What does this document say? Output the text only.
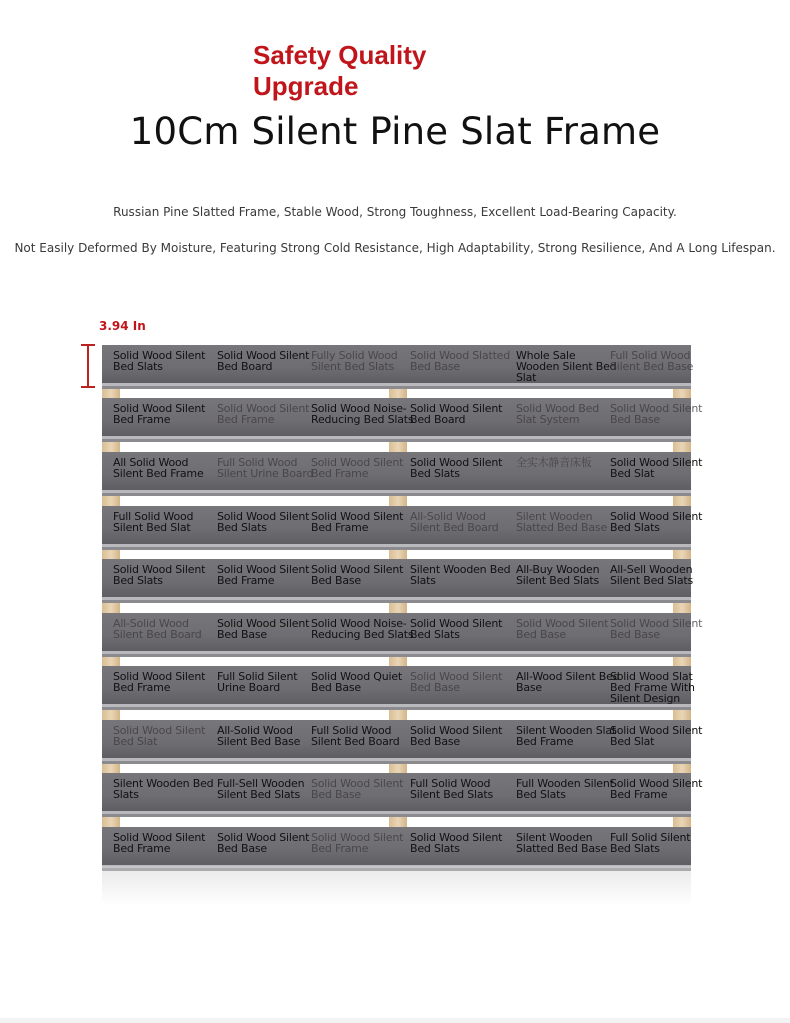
Safety Quality
Upgrade
10Cm Silent Pine Slat Frame
Russian Pine Slatted Frame, Stable Wood, Strong Toughness, Excellent Load-Bearing Capacity.
Not Easily Deformed By Moisture, Featuring Strong Cold Resistance, High Adaptability, Strong Resilience, And A Long Lifespan.
3.94 In
Solid Wood Silent Bed Slats
Solid Wood Silent Bed Board
Fully Solid Wood Silent Bed Slats
Solid Wood Slatted Bed Base
Whole Sale Wooden Silent Bed Slat
Full Solid Wood Silent Bed Base
Solid Wood Silent Bed Frame
Solid Wood Silent Bed Frame
Solid Wood Noise-Reducing Bed Slats
Solid Wood Silent Bed Board
Solid Wood Bed Slat System
Solid Wood Silent Bed Base
All Solid Wood Silent Bed Frame
Full Solid Wood Silent Urine Board
Solid Wood Silent Bed Frame
Solid Wood Silent Bed Slats
全实木静音床板	Solid Wood Silent Bed Slat
Full Solid Wood Silent Bed Slat
Solid Wood Silent Bed Slats
Solid Wood Silent Bed Frame
All-Solid Wood Silent Bed Board
Silent Wooden Slatted Bed Base
Solid Wood Silent Bed Slats
Solid Wood Silent Bed Slats
Solid Wood Silent Bed Frame
Solid Wood Silent Bed Base
Silent Wooden Bed Slats
All-Buy Wooden Silent Bed Slats
All-Sell Wooden Silent Bed Slats
All-Solid Wood Silent Bed Board
Solid Wood Silent Bed Base
Solid Wood Noise-Reducing Bed Slats
Solid Wood Silent Bed Slats
Solid Wood Silent Bed Base
Solid Wood Silent Bed Base
Solid Wood Silent Bed Frame
Full Solid Silent Urine Board
Solid Wood Quiet Bed Base
Solid Wood Silent Bed Base
All-Wood Silent Bed Base
Solid Wood Slat Bed Frame With Silent Design
Solid Wood Silent Bed Slat
All-Solid Wood Silent Bed Base
Full Solid Wood Silent Bed Board
Solid Wood Silent Bed Base
Silent Wooden Slat Bed Frame
Solid Wood Silent Bed Slat
Silent Wooden Bed Slats
Full-Sell Wooden Silent Bed Slats
Solid Wood Silent Bed Base
Full Solid Wood Silent Bed Slats
Full Wooden Silent Bed Slats
Solid Wood Silent Bed Frame
Solid Wood Silent Bed Frame
Solid Wood Silent Bed Base
Solid Wood Silent Bed Frame
Solid Wood Silent Bed Slats
Silent Wooden Slatted Bed Base
Full Solid Silent Bed Slats
